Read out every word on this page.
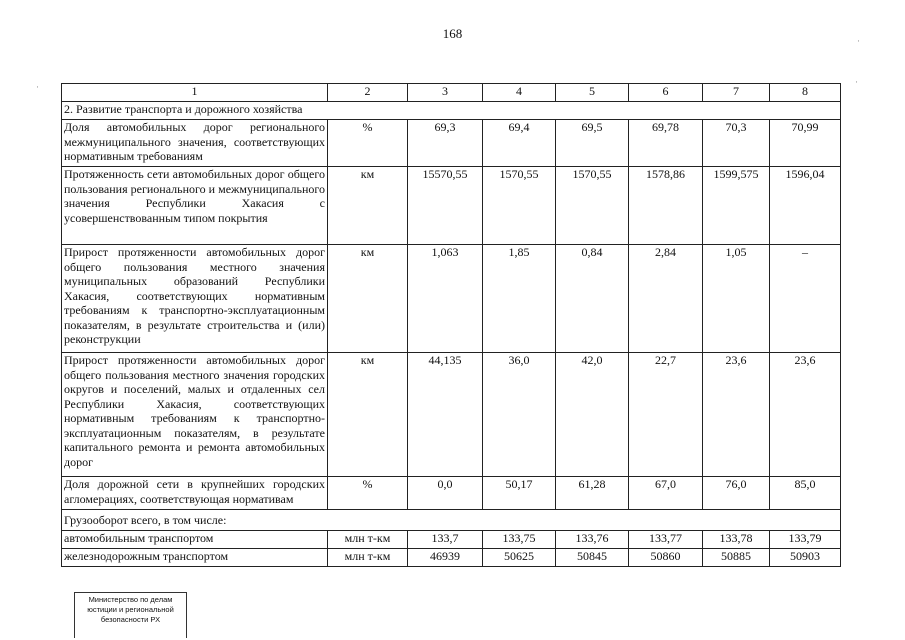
168
·
·
·
1	2	3	4	5	6	7	8
2. Развитие транспорта и дорожного хозяйства							
Доля автомобильных дорог регионального межмуниципального значения, соответствующих нормативным требованиям	%	69,3	69,4	69,5	69,78	70,3	70,99
Протяженность сети автомобильных дорог общего пользования регионального и межмуниципального значения Республики Хакасия с усовершенствованным типом покрытия	км	15570,55	1570,55	1570,55	1578,86	1599,575	1596,04
Прирост протяженности автомобильных дорог общего пользования местного значения муниципальных образований Республики Хакасия, соответствующих нормативным требованиям к транспортно-эксплуатационным показателям, в результате строительства и (или) реконструкции	км	1,063	1,85	0,84	2,84	1,05	–
Прирост протяженности автомобильных дорог общего пользования местного значения городских округов и поселений, малых и отдаленных сел Республики Хакасия, соответствующих нормативным требованиям к транспортно-эксплуатационным показателям, в результате капитального ремонта и ремонта автомобильных дорог	км	44,135	36,0	42,0	22,7	23,6	23,6
Доля дорожной сети в крупнейших городских агломерациях, соответствующая нормативам	%	0,0	50,17	61,28	67,0	76,0	85,0
Грузооборот всего, в том числе:							
автомобильным транспортом	млн т-км	133,7	133,75	133,76	133,77	133,78	133,79
железнодорожным транспортом	млн т-км	46939	50625	50845	50860	50885	50903
Министерство по делам
юстиции и региональной
безопасности РХ
